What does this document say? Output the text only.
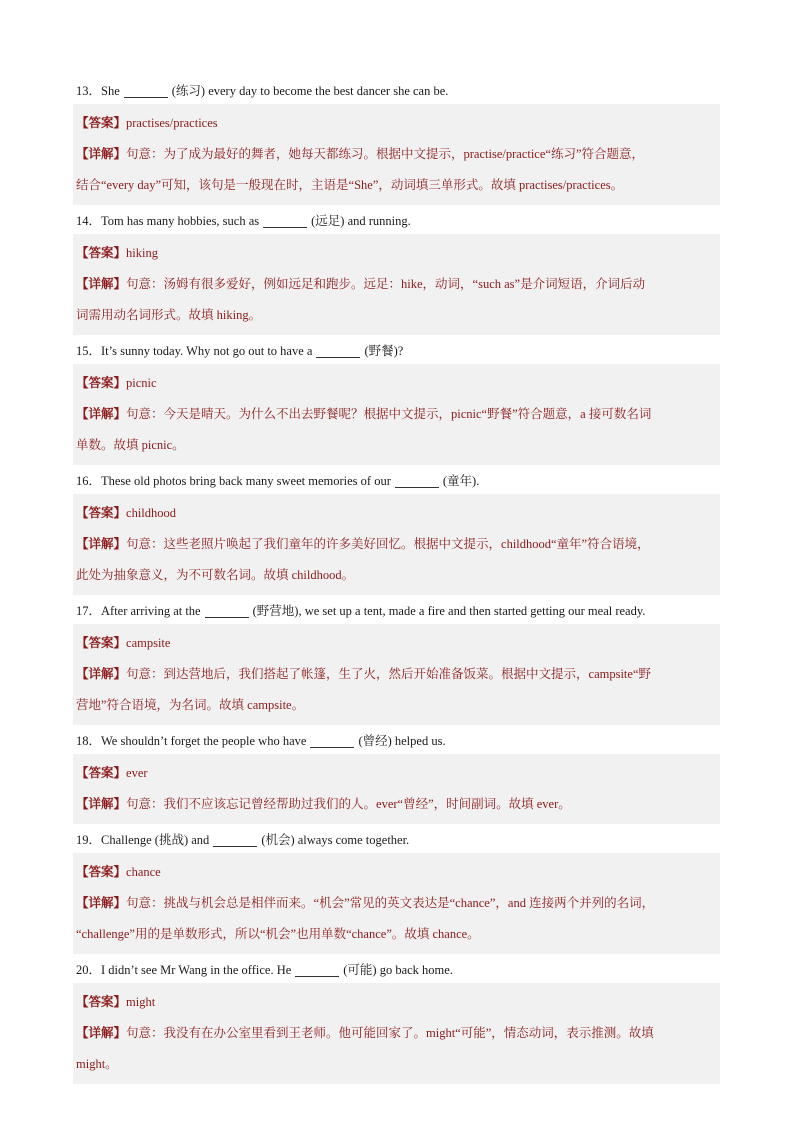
13．She	(练习) every day to become the best dancer she can be.
【答案】practises/practices
【详解】句意：为了成为最好的舞者，她每天都练习。根据中文提示，practise/practice“练习”符合题意，
结合“every day”可知，该句是一般现在时，主语是“She”，动词填三单形式。故填 practises/practices。
14．Tom has many hobbies, such as	(远足) and running.
【答案】hiking
【详解】句意：汤姆有很多爱好，例如远足和跑步。远足：hike，动词，“such as”是介词短语，介词后动
词需用动名词形式。故填 hiking。
15．It’s sunny today. Why not go out to have a	(野餐)?
【答案】picnic
【详解】句意：今天是晴天。为什么不出去野餐呢？根据中文提示，picnic“野餐”符合题意，a 接可数名词
单数。故填 picnic。
16．These old photos bring back many sweet memories of our	(童年).
【答案】childhood
【详解】句意：这些老照片唤起了我们童年的许多美好回忆。根据中文提示，childhood“童年”符合语境，
此处为抽象意义，为不可数名词。故填 childhood。
17．After arriving at the	(野营地), we set up a tent, made a fire and then started getting our meal ready.
【答案】campsite
【详解】句意：到达营地后，我们搭起了帐篷，生了火，然后开始准备饭菜。根据中文提示，campsite“野
营地”符合语境，为名词。故填 campsite。
18．We shouldn’t forget the people who have	(曾经) helped us.
【答案】ever
【详解】句意：我们不应该忘记曾经帮助过我们的人。ever“曾经”，时间副词。故填 ever。
19．Challenge (挑战) and	(机会) always come together.
【答案】chance
【详解】句意：挑战与机会总是相伴而来。“机会”常见的英文表达是“chance”，and 连接两个并列的名词，
“challenge”用的是单数形式，所以“机会”也用单数“chance”。故填 chance。
20．I didn’t see Mr Wang in the office. He	(可能) go back home.
【答案】might
【详解】句意：我没有在办公室里看到王老师。他可能回家了。might“可能”，情态动词，表示推测。故填
might。
